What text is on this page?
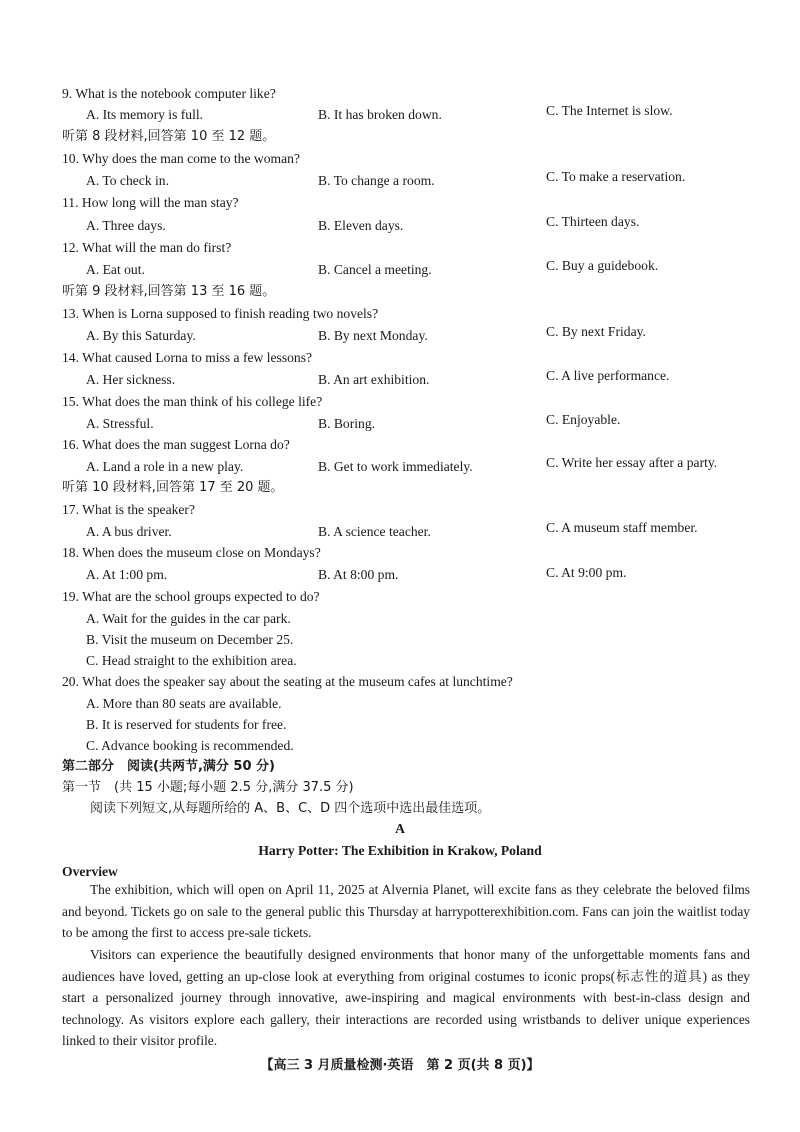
9. What is the notebook computer like?
A. Its memory is full.	B. It has broken down.	C. The Internet is slow.
听第 8 段材料,回答第 10 至 12 题。
10. Why does the man come to the woman?
A. To check in.	B. To change a room.	C. To make a reservation.
11. How long will the man stay?
A. Three days.	B. Eleven days.	C. Thirteen days.
12. What will the man do first?
A. Eat out.	B. Cancel a meeting.	C. Buy a guidebook.
听第 9 段材料,回答第 13 至 16 题。
13. When is Lorna supposed to finish reading two novels?
A. By this Saturday.	B. By next Monday.	C. By next Friday.
14. What caused Lorna to miss a few lessons?
A. Her sickness.	B. An art exhibition.	C. A live performance.
15. What does the man think of his college life?
A. Stressful.	B. Boring.	C. Enjoyable.
16. What does the man suggest Lorna do?
A. Land a role in a new play.	B. Get to work immediately.	C. Write her essay after a party.
听第 10 段材料,回答第 17 至 20 题。
17. What is the speaker?
A. A bus driver.	B. A science teacher.	C. A museum staff member.
18. When does the museum close on Mondays?
A. At 1:00 pm.	B. At 8:00 pm.	C. At 9:00 pm.
19. What are the school groups expected to do?
A. Wait for the guides in the car park.
B. Visit the museum on December 25.
C. Head straight to the exhibition area.
20. What does the speaker say about the seating at the museum cafes at lunchtime?
A. More than 80 seats are available.
B. It is reserved for students for free.
C. Advance booking is recommended.
第二部分　阅读(共两节,满分 50 分)
第一节　(共 15 小题;每小题 2.5 分,满分 37.5 分)
阅读下列短文,从每题所给的 A、B、C、D 四个选项中选出最佳选项。
A
Harry Potter: The Exhibition in Krakow, Poland
Overview
The exhibition, which will open on April 11, 2025 at Alvernia Planet, will excite fans as they celebrate the beloved films and beyond. Tickets go on sale to the general public this Thursday at harrypotterexhibition.com. Fans can join the waitlist today to be among the first to access pre-sale tickets.
Visitors can experience the beautifully designed environments that honor many of the unforgettable moments fans and audiences have loved, getting an up-close look at everything from original costumes to iconic props(标志性的道具) as they start a personalized journey through innovative, awe-inspiring and magical environments with best-in-class design and technology. As visitors explore each gallery, their interactions are recorded using wristbands to deliver unique experiences linked to their visitor profile.
【高三 3 月质量检测·英语　第 2 页(共 8 页)】
